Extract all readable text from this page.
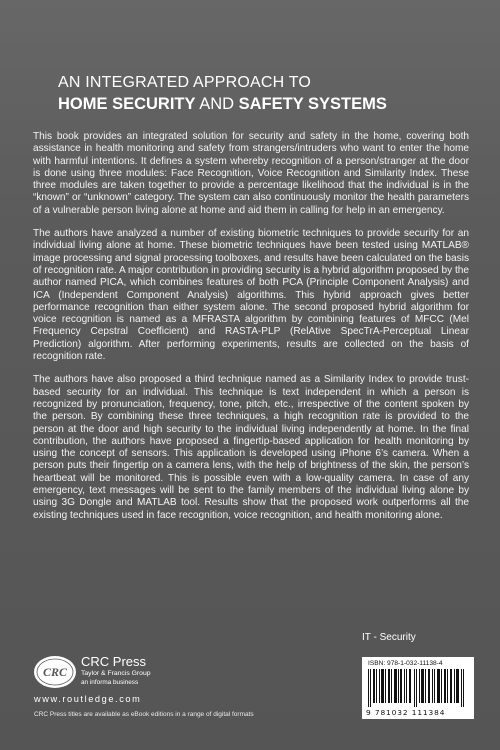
AN INTEGRATED APPROACH TO
HOME SECURITY AND SAFETY SYSTEMS

This book provides an integrated solution for security and safety in the home, covering both assistance in health monitoring and safety from strangers/intruders who want to enter the home with harmful intentions. It defines a system whereby recognition of a person/stranger at the door is done using three modules: Face Recognition, Voice Recognition and Similarity Index. These three modules are taken together to provide a percentage likelihood that the individual is in the “known” or “unknown” category. The system can also continuously monitor the health parameters of a vulnerable person living alone at home and aid them in calling for help in an emergency.

The authors have analyzed a number of existing biometric techniques to provide security for an individual living alone at home. These biometric techniques have been tested using MATLAB® image processing and signal processing toolboxes, and results have been calculated on the basis of recognition rate. A major contribution in providing security is a hybrid algorithm proposed by the author named PICA, which combines features of both PCA (Principle Component Analysis) and ICA (Independent Component Analysis) algorithms. This hybrid approach gives better performance recognition than either system alone. The second proposed hybrid algorithm for voice recognition is named as a MFRASTA algorithm by combining features of MFCC (Mel Frequency Cepstral Coefficient) and RASTA-PLP (RelAtive SpecTrA-Perceptual Linear Prediction) algorithm. After performing experiments, results are collected on the basis of recognition rate.

The authors have also proposed a third technique named as a Similarity Index to provide trust-based security for an individual. This technique is text independent in which a person is recognized by pronunciation, frequency, tone, pitch, etc., irrespective of the content spoken by the person. By combining these three techniques, a high recognition rate is provided to the person at the door and high security to the individual living independently at home. In the final contribution, the authors have proposed a fingertip-based application for health monitoring by using the concept of sensors. This application is developed using iPhone 6’s camera. When a person puts their fingertip on a camera lens, with the help of brightness of the skin, the person’s heartbeat will be monitored. This is possible even with a low-quality camera. In case of any emergency, text messages will be sent to the family members of the individual living alone by using 3G Dongle and MATLAB tool. Results show that the proposed work outperforms all the existing techniques used in face recognition, voice recognition, and health monitoring alone.

IT - Security
ISBN: 978-1-032-11138-4
9 781032 111384
CRC
CRC Press
Taylor & Francis Group
an informa business
www.routledge.com
CRC Press titles are available as eBook editions in a range of digital formats
